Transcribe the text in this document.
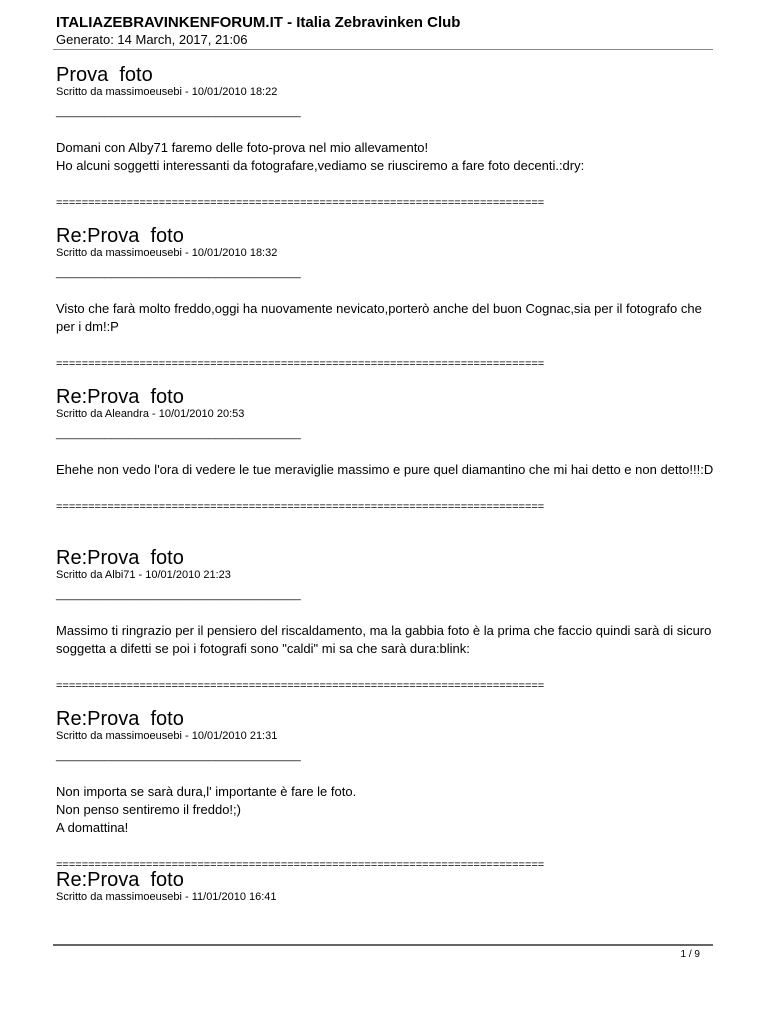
ITALIAZEBRAVINKENFORUM.IT - Italia Zebravinken Club
Generato: 14 March, 2017, 21:06
Prova  foto
Scritto da massimoeusebi - 10/01/2010 18:22
________________________________________
Domani con Alby71 faremo delle foto-prova nel mio allevamento!
Ho alcuni soggetti interessanti da fotografare,vediamo se riusciremo a fare foto decenti.:dry:
============================================================================
Re:Prova  foto
Scritto da massimoeusebi - 10/01/2010 18:32
________________________________________
Visto che farà molto freddo,oggi ha nuovamente nevicato,porterò anche del buon Cognac,sia per il fotografo che per i dm!:P
============================================================================
Re:Prova  foto
Scritto da Aleandra - 10/01/2010 20:53
________________________________________
Ehehe non vedo l'ora di vedere le tue meraviglie massimo e pure quel diamantino che mi hai detto e non detto!!!:D
============================================================================
Re:Prova  foto
Scritto da Albi71 - 10/01/2010 21:23
________________________________________
Massimo ti ringrazio per il pensiero del riscaldamento, ma la gabbia foto è la prima che faccio quindi sarà di sicuro soggetta a difetti se poi i fotografi sono "caldi" mi sa che sarà dura:blink:
============================================================================
Re:Prova  foto
Scritto da massimoeusebi - 10/01/2010 21:31
________________________________________
Non importa se sarà dura,l' importante è fare le foto.
Non penso sentiremo il freddo!;)
A domattina!
============================================================================
Re:Prova  foto
Scritto da massimoeusebi - 11/01/2010 16:41
1 / 9
